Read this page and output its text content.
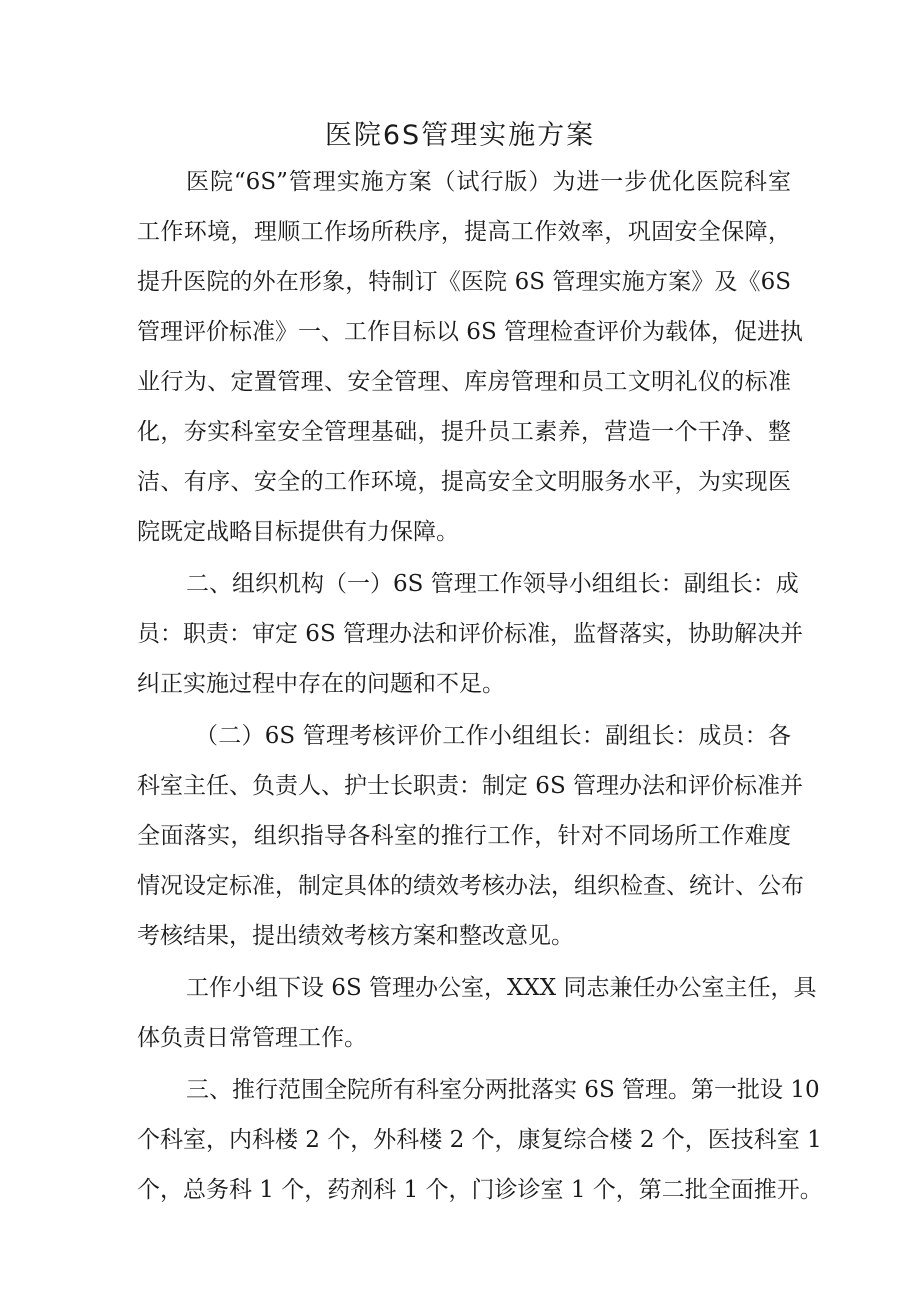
医院6S管理实施方案
医院“6S”管理实施方案（试行版）为进一步优化医院科室
工作环境，理顺工作场所秩序，提高工作效率，巩固安全保障，
提升医院的外在形象，特制订《医院 6S 管理实施方案》及《6S
管理评价标准》一、工作目标以 6S 管理检查评价为载体，促进执
业行为、定置管理、安全管理、库房管理和员工文明礼仪的标准
化，夯实科室安全管理基础，提升员工素养，营造一个干净、整
洁、有序、安全的工作环境，提高安全文明服务水平，为实现医
院既定战略目标提供有力保障。
二、组织机构（一）6S 管理工作领导小组组长：副组长：成
员：职责：审定 6S 管理办法和评价标准，监督落实，协助解决并
纠正实施过程中存在的问题和不足。
（二）6S 管理考核评价工作小组组长：副组长：成员：各
科室主任、负责人、护士长职责：制定 6S 管理办法和评价标准并
全面落实，组织指导各科室的推行工作，针对不同场所工作难度
情况设定标准，制定具体的绩效考核办法，组织检查、统计、公布
考核结果，提出绩效考核方案和整改意见。
工作小组下设 6S 管理办公室，XXX 同志兼任办公室主任，具
体负责日常管理工作。
三、推行范围全院所有科室分两批落实 6S 管理。第一批设 10
个科室，内科楼 2 个，外科楼 2 个，康复综合楼 2 个，医技科室 1
个，总务科 1 个，药剂科 1 个，门诊诊室 1 个，第二批全面推开。
